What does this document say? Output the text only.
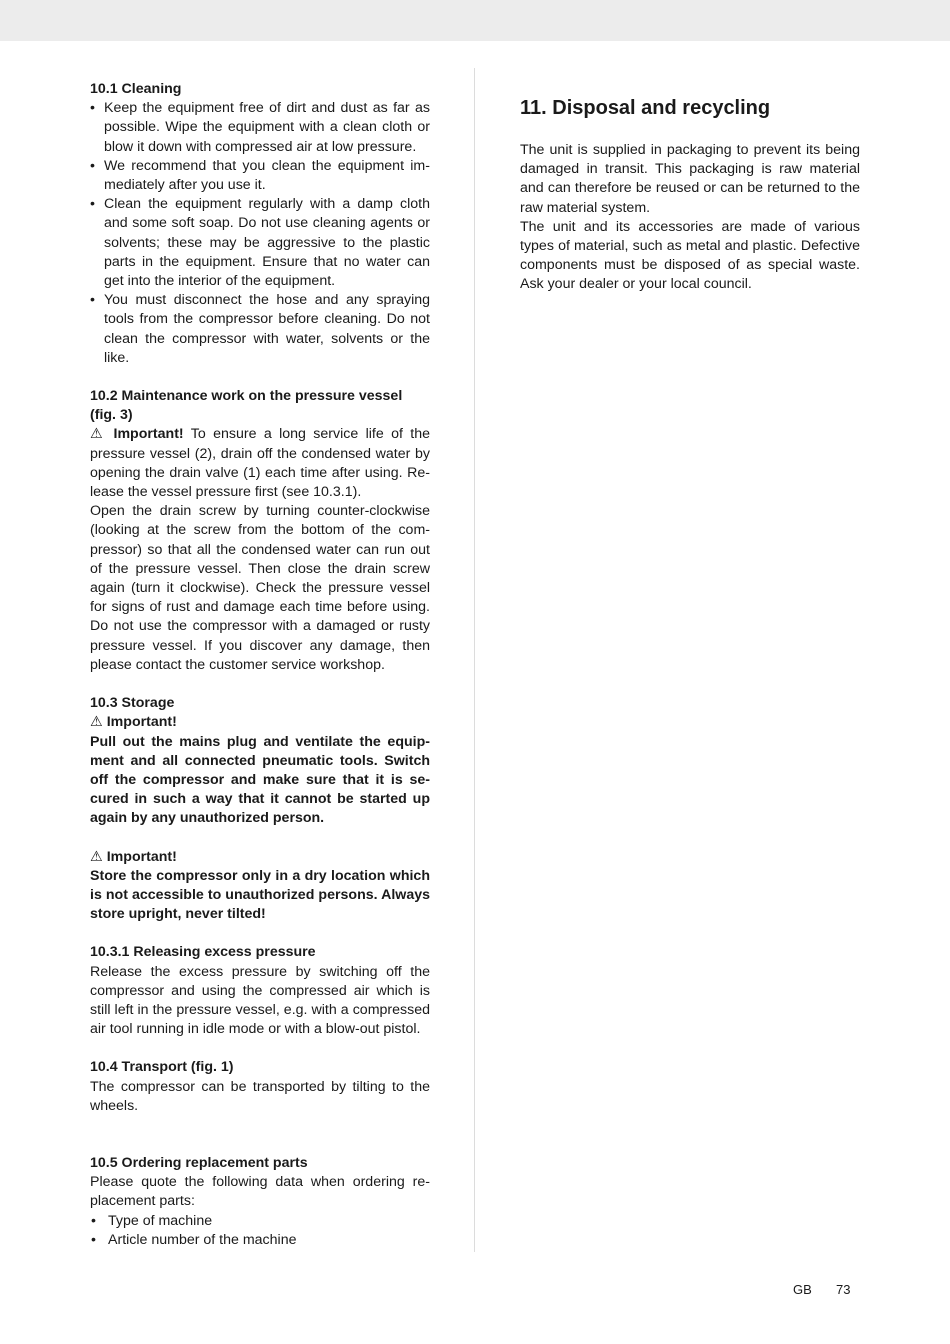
10.1 Cleaning
• Keep the equipment free of dirt and dust as far as possible. Wipe the equipment with a clean cloth or blow it down with compressed air at low pressure.
• We recommend that you clean the equipment immediately after you use it.
• Clean the equipment regularly with a damp cloth and some soft soap. Do not use cleaning agents or solvents; these may be aggressive to the plastic parts in the equipment. Ensure that no water can get into the interior of the equipment.
• You must disconnect the hose and any spraying tools from the compressor before cleaning. Do not clean the compressor with water, solvents or the like.
10.2 Maintenance work on the pressure vessel (fig. 3)

⚠ Important! To ensure a long service life of the pressure vessel (2), drain off the condensed water by opening the drain valve (1) each time after using. Release the vessel pressure first (see 10.3.1).

Open the drain screw by turning counter-clockwise (looking at the screw from the bottom of the compressor) so that all the condensed water can run out of the pressure vessel. Then close the drain screw again (turn it clockwise). Check the pressure vessel for signs of rust and damage each time before using. Do not use the compressor with a damaged or rusty pressure vessel. If you discover any damage, then please contact the customer service workshop.

10.3 Storage

⚠ Important!

Pull out the mains plug and ventilate the equipment and all connected pneumatic tools. Switch off the compressor and make sure that it is secured in such a way that it cannot be started up again by any unauthorized person.

⚠ Important!

Store the compressor only in a dry location which is not accessible to unauthorized persons. Always store upright, never tilted!

10.3.1 Releasing excess pressure

Release the excess pressure by switching off the compressor and using the compressed air which is still left in the pressure vessel, e.g. with a compressed air tool running in idle mode or with a blow-out pistol.

10.4 Transport (fig. 1)

The compressor can be transported by tilting to the wheels.

10.5 Ordering replacement parts

Please quote the following data when ordering replacement parts:

• Type of machine
• Article number of the machine
11. Disposal and recycling

The unit is supplied in packaging to prevent its being damaged in transit. This packaging is raw material and can therefore be reused or can be returned to the raw material system.

The unit and its accessories are made of various types of material, such as metal and plastic. Defective components must be disposed of as special waste. Ask your dealer or your local council.

GB 73
